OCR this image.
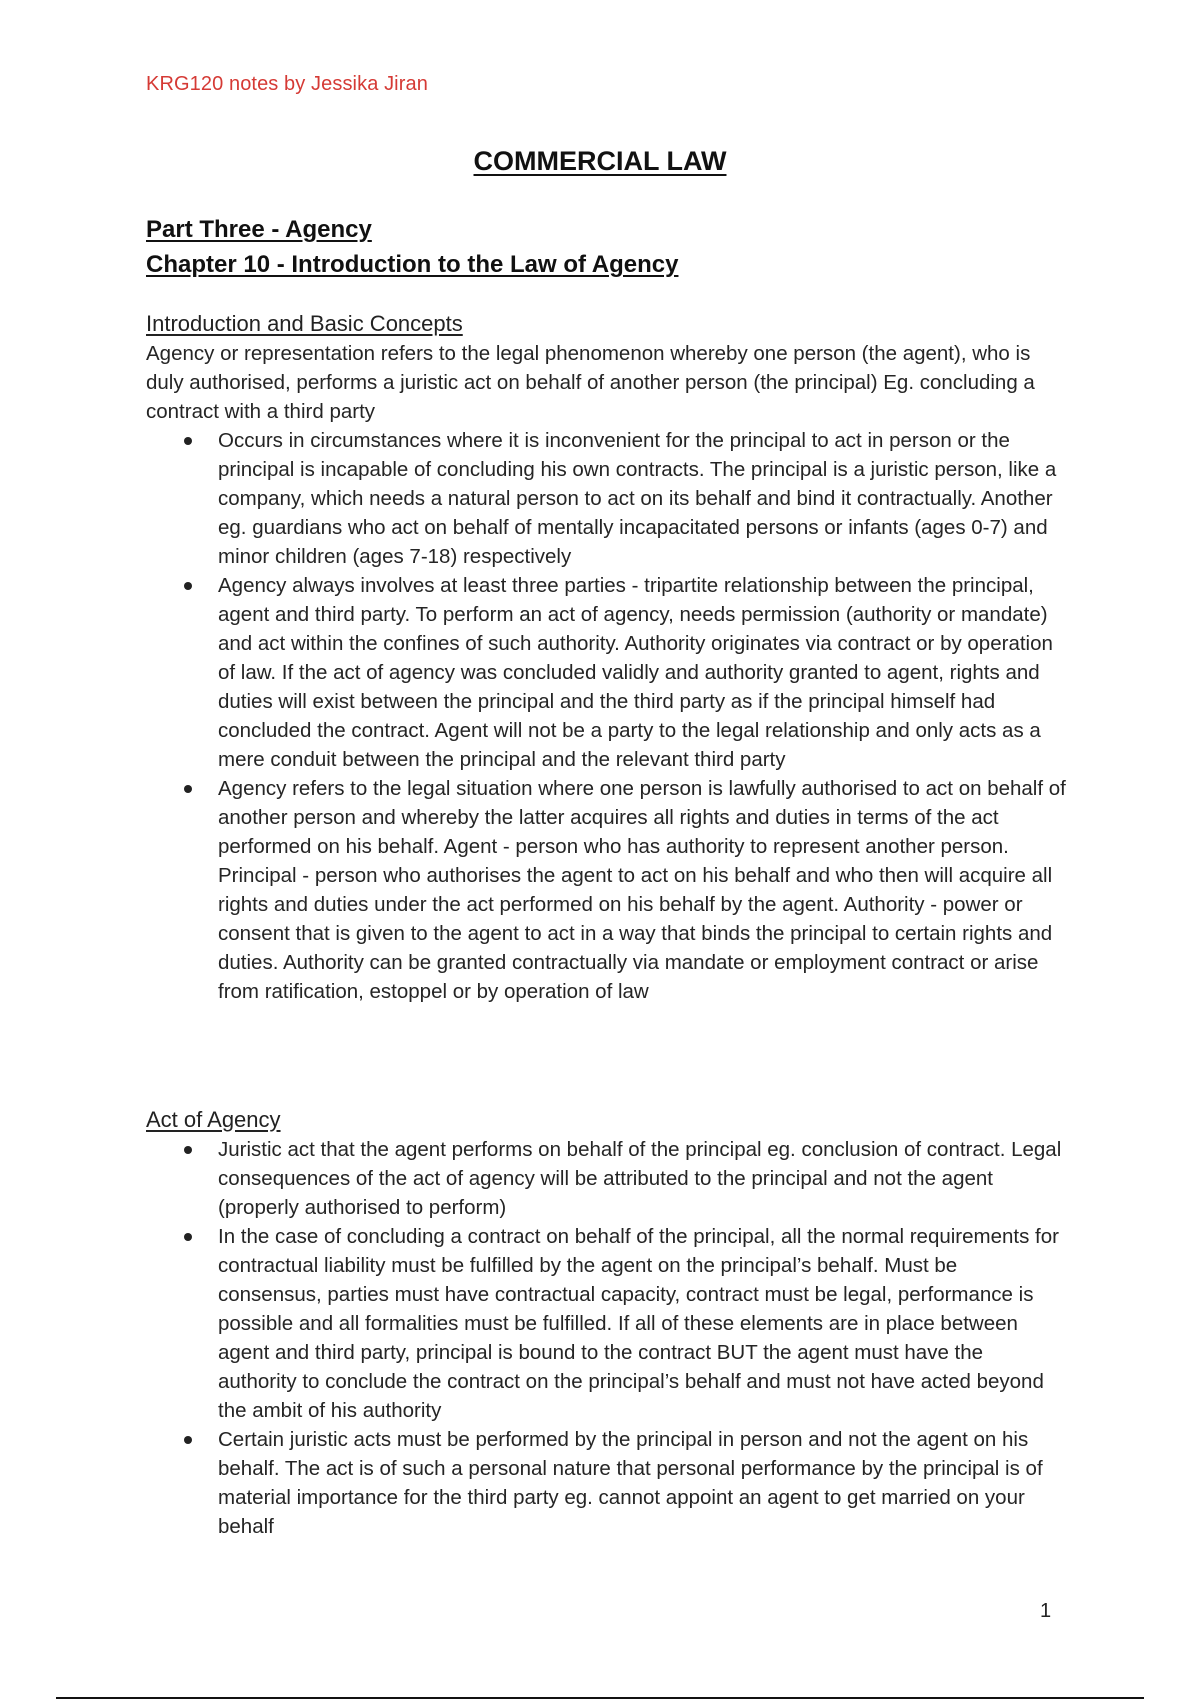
KRG120 notes by Jessika Jiran
COMMERCIAL LAW
Part Three - Agency
Chapter 10 - Introduction to the Law of Agency
Introduction and Basic Concepts

Agency or representation refers to the legal phenomenon whereby one person (the agent), who is duly authorised, performs a juristic act on behalf of another person (the principal) Eg. concluding a contract with a third party

Occurs in circumstances where it is inconvenient for the principal to act in person or the principal is incapable of concluding his own contracts. The principal is a juristic person, like a company, which needs a natural person to act on its behalf and bind it contractually. Another eg. guardians who act on behalf of mentally incapacitated persons or infants (ages 0-7) and minor children (ages 7-18) respectively
Agency always involves at least three parties - tripartite relationship between the principal, agent and third party. To perform an act of agency, needs permission (authority or mandate) and act within the confines of such authority. Authority originates via contract or by operation of law. If the act of agency was concluded validly and authority granted to agent, rights and duties will exist between the principal and the third party as if the principal himself had concluded the contract. Agent will not be a party to the legal relationship and only acts as a mere conduit between the principal and the relevant third party
Agency refers to the legal situation where one person is lawfully authorised to act on behalf of another person and whereby the latter acquires all rights and duties in terms of the act performed on his behalf. Agent - person who has authority to represent another person. Principal - person who authorises the agent to act on his behalf and who then will acquire all rights and duties under the act performed on his behalf by the agent. Authority - power or consent that is given to the agent to act in a way that binds the principal to certain rights and duties. Authority can be granted contractually via mandate or employment contract or arise from ratification, estoppel or by operation of law
Act of Agency
Juristic act that the agent performs on behalf of the principal eg. conclusion of contract. Legal consequences of the act of agency will be attributed to the principal and not the agent (properly authorised to perform)
In the case of concluding a contract on behalf of the principal, all the normal requirements for contractual liability must be fulfilled by the agent on the principal’s behalf. Must be consensus, parties must have contractual capacity, contract must be legal, performance is possible and all formalities must be fulfilled. If all of these elements are in place between agent and third party, principal is bound to the contract BUT the agent must have the authority to conclude the contract on the principal’s behalf and must not have acted beyond the ambit of his authority
Certain juristic acts must be performed by the principal in person and not the agent on his behalf. The act is of such a personal nature that personal performance by the principal is of material importance for the third party eg. cannot appoint an agent to get married on your behalf
1
